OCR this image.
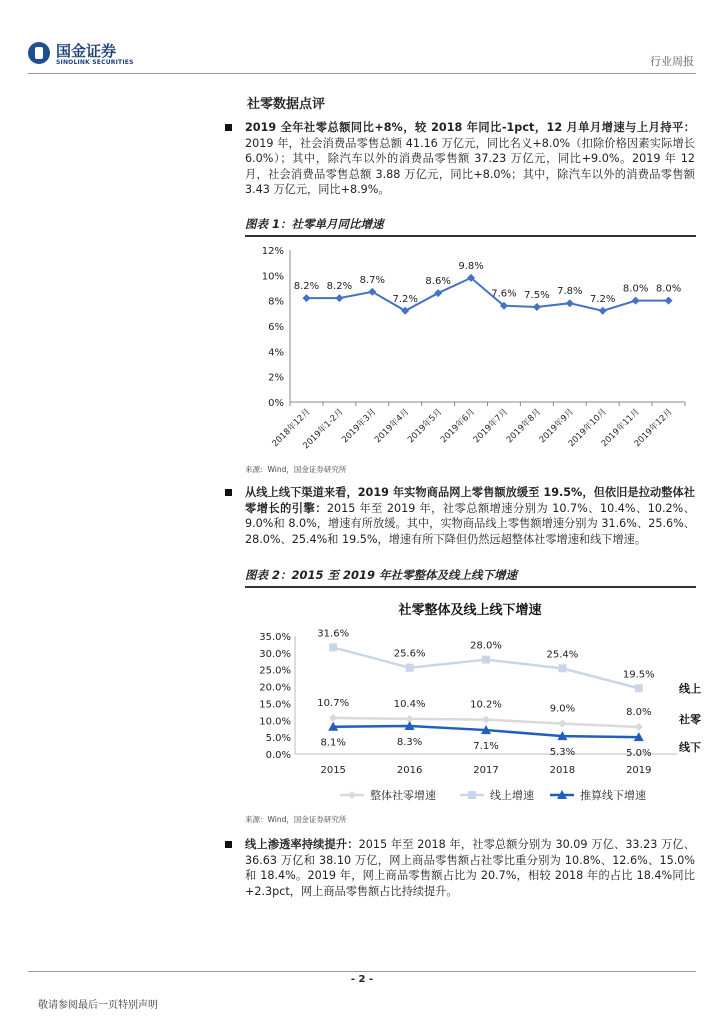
国金证券
SINOLINK SECURITIES	行业周报
社零数据点评
2019 全年社零总额同比+8%，较 2018 年同比-1pct，12 月单月增速与上月持平：2019 年，社会消费品零售总额 41.16 万亿元，同比名义+8.0%（扣除价格因素实际增长 6.0%）；其中，除汽车以外的消费品零售额 37.23 万亿元，同比+9.0%。2019 年 12 月，社会消费品零售总额 3.88 万亿元，同比+8.0%；其中，除汽车以外的消费品零售额 3.43 万亿元，同比+8.9%。
图表 1：社零单月同比增速
0%
2%
4%
6%
8%
10%
12%
8.2% 8.2%
8.7%
7.2%
8.6%
9.8%
7.6% 7.5% 7.8%
7.2%
8.0% 8.0%
2018年12月
2019年1-2月
2019年3月
2019年4月
2019年5月
2019年6月
2019年7月
2019年8月
2019年9月
2019年10月
2019年11月
2019年12月
来源：Wind，国金证券研究所
从线上线下渠道来看，2019 年实物商品网上零售额放缓至 19.5%，但依旧是拉动整体社零增长的引擎：2015 年至 2019 年，社零总额增速分别为 10.7%、10.4%、10.2%、9.0%和 8.0%，增速有所放缓。其中，实物商品线上零售额增速分别为 31.6%、25.6%、28.0%、25.4%和 19.5%，增速有所下降但仍然远超整体社零增速和线下增速。
图表 2：2015 至 2019 年社零整体及线上线下增速
社零整体及线上线下增速
0.0%
5.0%
10.0%
15.0%
20.0%
25.0%
30.0%
35.0%
2015	2016	2017	2018	2019
10.7%	10.4%	10.2%	9.0%	8.0%
社零
31.6%
25.6%
28.0%
25.4%
19.5%
线上
8.1%	8.3%	7.1%
5.3%	5.0% 线下
整体社零增速	线上增速	推算线下增速
来源：Wind，国金证券研究所
线上渗透率持续提升：2015 年至 2018 年，社零总额分别为 30.09 万亿、33.23 万亿、36.63 万亿和 38.10 万亿，网上商品零售额占社零比重分别为 10.8%、12.6%、15.0%和 18.4%。2019 年，网上商品零售额占比为 20.7%，相较 2018 年的占比 18.4%同比+2.3pct，网上商品零售额占比持续提升。
- 2 -
敬请参阅最后一页特别声明
